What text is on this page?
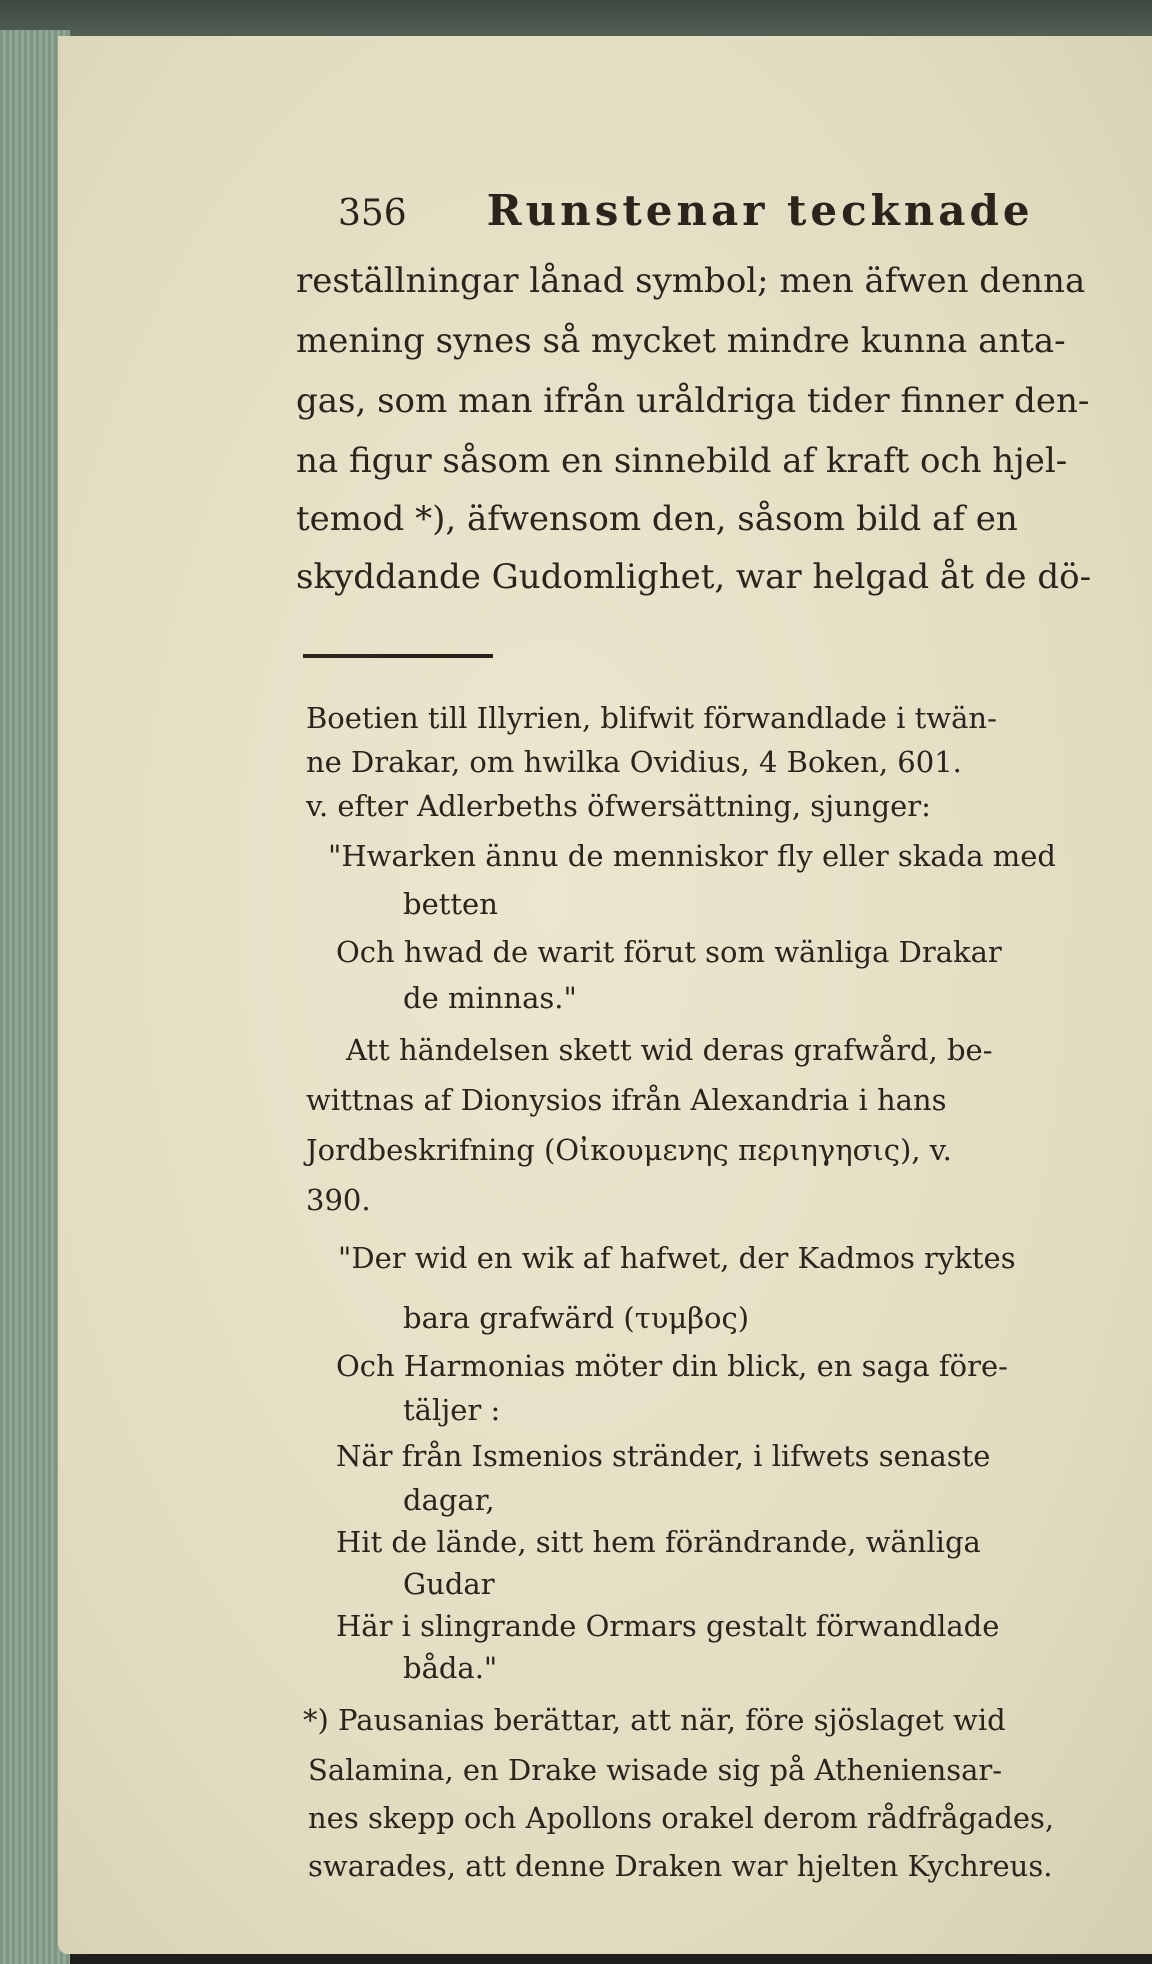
356 Runstenar tecknade
reställningar lånad symbol; men äfwen denna
mening synes så mycket mindre kunna anta-
gas, som man ifrån uråldriga tider finner den-
na figur såsom en sinnebild af kraft och hjel-
temod *), äfwensom den, såsom bild af en
skyddande Gudomlighet, war helgad åt de dö-
Boetien till Illyrien, blifwit förwandlade i twän-
ne Drakar, om hwilka Ovidius, 4 Boken, 601.
v. efter Adlerbeths öfwersättning, sjunger:
"Hwarken ännu de menniskor fly eller skada med
betten
Och hwad de warit förut som wänliga Drakar
de minnas."
Att händelsen skett wid deras grafwård, be-
wittnas af Dionysios ifrån Alexandria i hans
Jordbeskrifning (Οἰκουμενης περιηγησις), v.
390.
"Der wid en wik af hafwet, der Kadmos ryktes
bara grafwärd (τυμβος)
Och Harmonias möter din blick, en saga före-
täljer :
När från Ismenios stränder, i lifwets senaste
dagar,
Hit de lände, sitt hem förändrande, wänliga
Gudar
Här i slingrande Ormars gestalt förwandlade
båda."
*) Pausanias berättar, att när, före sjöslaget wid
Salamina, en Drake wisade sig på Atheniensar-
nes skepp och Apollons orakel derom rådfrågades,
swarades, att denne Draken war hjelten Kychreus.
